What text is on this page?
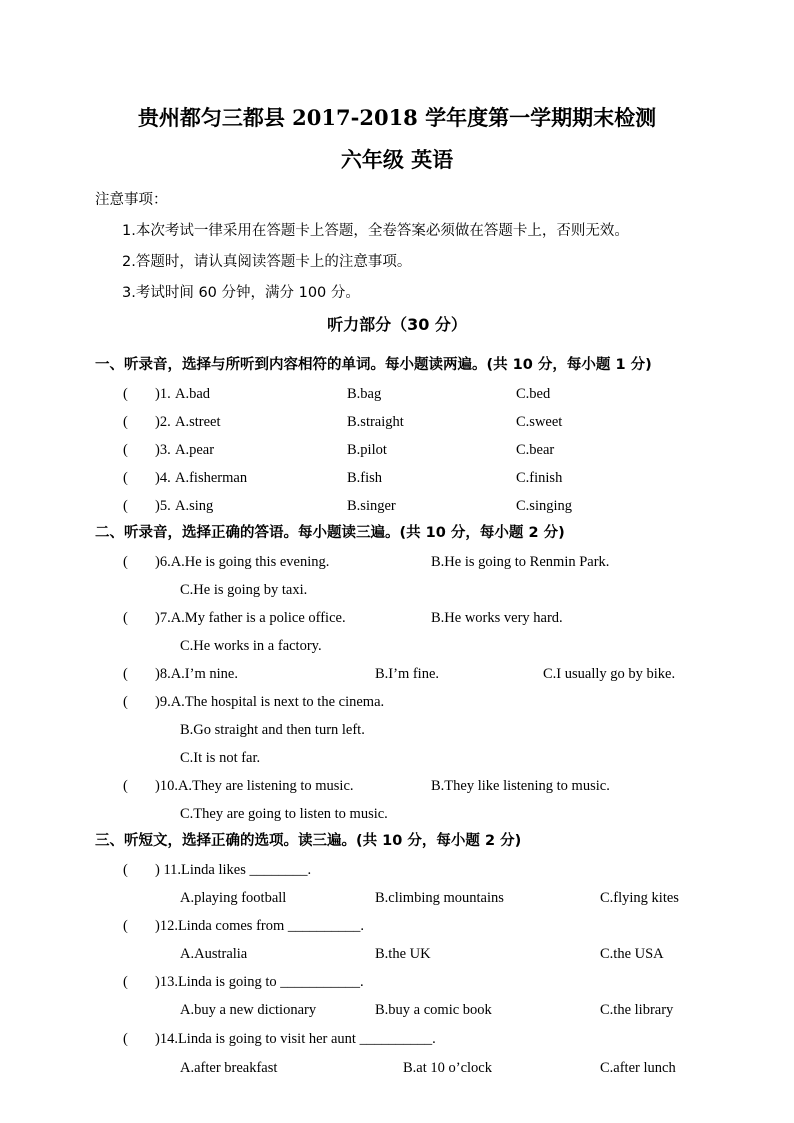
贵州都匀三都县 2017-2018 学年度第一学期期末检测
六年级 英语
注意事项：
1.本次考试一律采用在答题卡上答题，全卷答案必须做在答题卡上，否则无效。
2.答题时，请认真阅读答题卡上的注意事项。
3.考试时间 60 分钟，满分 100 分。
听力部分（30 分）
一、听录音，选择与所听到内容相符的单词。每小题读两遍。(共 10 分，每小题 1 分)
( )1. A.bad	B.bag	C.bed
( )2. A.street	B.straight	C.sweet
( )3. A.pear	B.pilot	C.bear
( )4. A.fisherman	B.fish	C.finish
( )5. A.sing	B.singer	C.singing
二、听录音，选择正确的答语。每小题读三遍。(共 10 分，每小题 2 分)
( )6.A.He is going this evening.	B.He is going to Renmin Park.
C.He is going by taxi.
( )7.A.My father is a police office.	B.He works very hard.
C.He works in a factory.
( )8.A.I’m nine.	B.I’m fine.	C.I usually go by bike.
( )9.A.The hospital is next to the cinema.
B.Go straight and then turn left.
C.It is not far.
( )10.A.They are listening to music.	B.They like listening to music.
C.They are going to listen to music.
三、听短文，选择正确的选项。读三遍。(共 10 分，每小题 2 分)
( ) 11.Linda likes ________.
A.playing football	B.climbing mountains	C.flying kites
( )12.Linda comes from __________.
A.Australia	B.the UK	C.the USA
( )13.Linda is going to ___________.
A.buy a new dictionary	B.buy a comic book	C.the library
( )14.Linda is going to visit her aunt __________.
A.after breakfast	B.at 10 o’clock	C.after lunch
